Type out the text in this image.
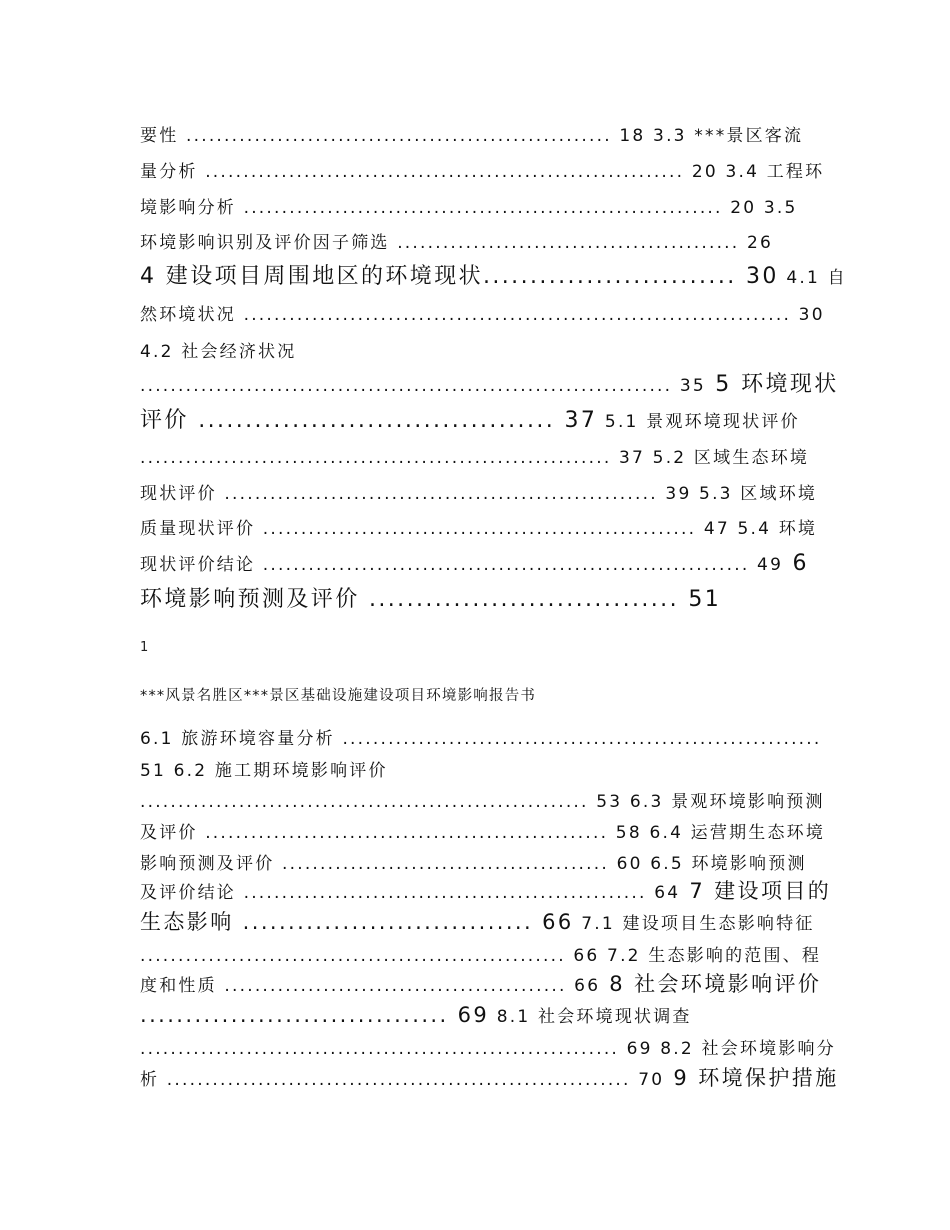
要性 ........................................................ 18 3.3 ***景区客流
量分析 ............................................................... 20 3.4 工程环
境影响分析 ............................................................... 20 3.5
环境影响识别及评价因子筛选 ............................................. 26
4 建设项目周围地区的环境现状........................... 30 4.1 自
然环境状况 ........................................................................ 30
4.2 社会经济状况
...................................................................... 35 5 环境现状
评价 ...................................... 37 5.1 景观环境现状评价
.............................................................. 37 5.2 区域生态环境
现状评价 ......................................................... 39 5.3 区域环境
质量现状评价 ......................................................... 47 5.4 环境
现状评价结论 ................................................................ 49 6
环境影响预测及评价 ................................. 51
1
***风景名胜区***景区基础设施建设项目环境影响报告书
6.1 旅游环境容量分析 ...............................................................
51 6.2 施工期环境影响评价
........................................................... 53 6.3 景观环境影响预测
及评价 ..................................................... 58 6.4 运营期生态环境
影响预测及评价 ........................................... 60 6.5 环境影响预测
及评价结论 ..................................................... 64 7 建设项目的
生态影响 ................................ 66 7.1 建设项目生态影响特征
........................................................ 66 7.2 生态影响的范围、程
度和性质 ............................................. 66 8 社会环境影响评价
.................................. 69 8.1 社会环境现状调查
............................................................... 69 8.2 社会环境影响分
析 ............................................................. 70 9 环境保护措施
